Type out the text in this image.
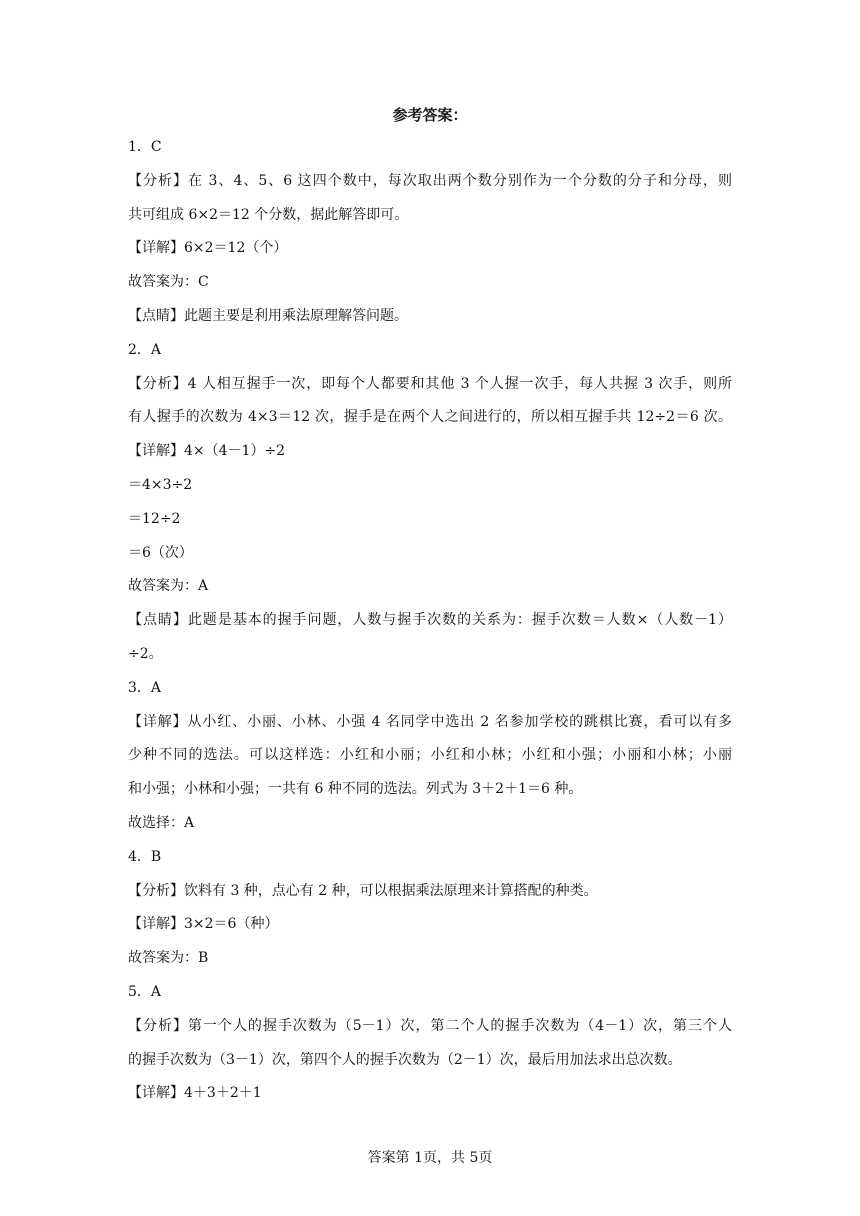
参考答案：
1．C
【分析】在 3、4、5、6 这四个数中，每次取出两个数分别作为一个分数的分子和分母，则
共可组成 6×2＝12 个分数，据此解答即可。
【详解】6×2＝12（个）
故答案为：C
【点睛】此题主要是利用乘法原理解答问题。
2．A
【分析】4 人相互握手一次，即每个人都要和其他 3 个人握一次手，每人共握 3 次手，则所
有人握手的次数为 4×3＝12 次，握手是在两个人之间进行的，所以相互握手共 12÷2＝6 次。
【详解】4×（4－1）÷2
＝4×3÷2
＝12÷2
＝6（次）
故答案为：A
【点睛】此题是基本的握手问题，人数与握手次数的关系为：握手次数＝人数×（人数－1）
÷2。
3．A
【详解】从小红、小丽、小林、小强 4 名同学中选出 2 名参加学校的跳棋比赛，看可以有多
少种不同的选法。可以这样选：小红和小丽；小红和小林；小红和小强；小丽和小林；小丽
和小强；小林和小强；一共有 6 种不同的选法。列式为 3＋2＋1＝6 种。
故选择：A
4．B
【分析】饮料有 3 种，点心有 2 种，可以根据乘法原理来计算搭配的种类。
【详解】3×2＝6（种）
故答案为：B
5．A
【分析】第一个人的握手次数为（5－1）次，第二个人的握手次数为（4－1）次，第三个人
的握手次数为（3－1）次，第四个人的握手次数为（2－1）次，最后用加法求出总次数。
【详解】4＋3＋2＋1
答案第 1页，共 5页
